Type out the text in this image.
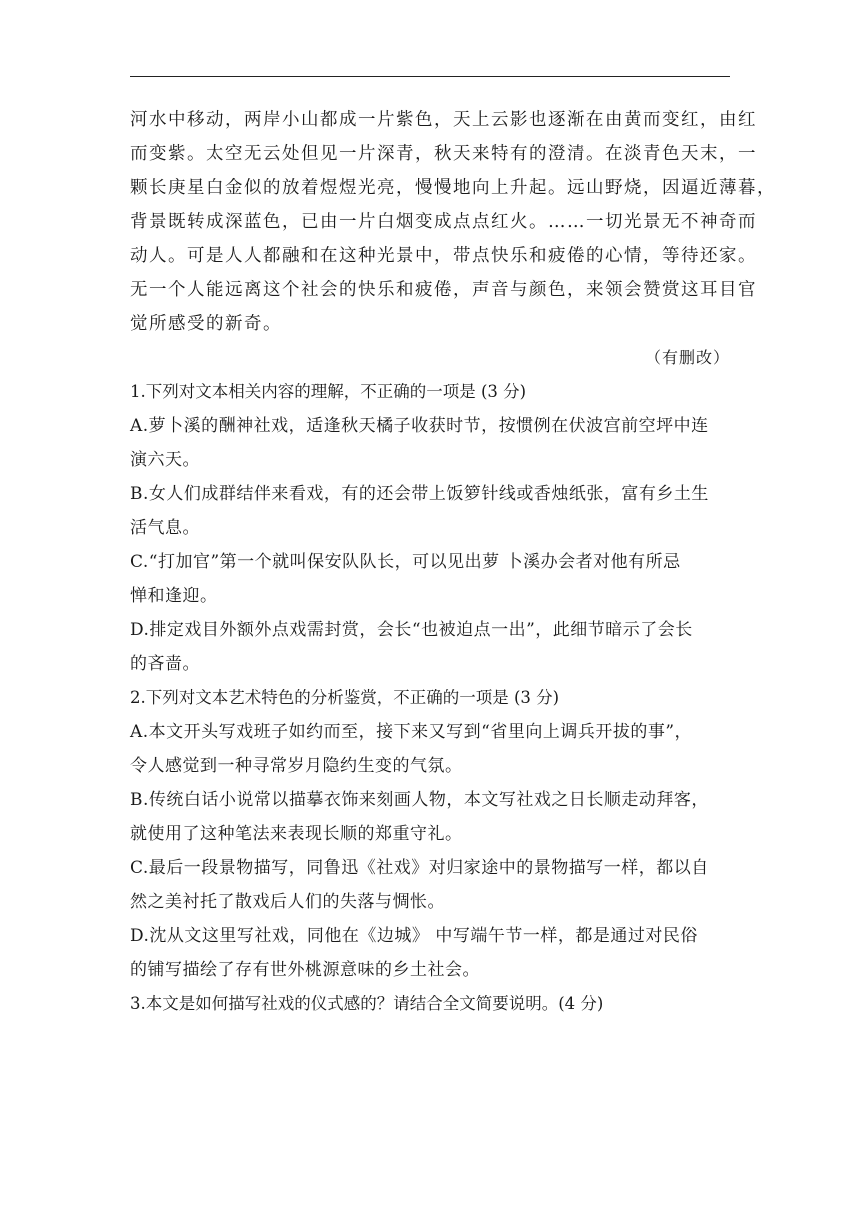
河水中移动，两岸小山都成一片紫色，天上云影也逐渐在由黄而变红，由红
而变紫。太空无云处但见一片深青，秋天来特有的澄清。在淡青色天末，一
颗长庚星白金似的放着煜煜光亮，慢慢地向上升起。远山野烧，因逼近薄暮，
背景既转成深蓝色，已由一片白烟变成点点红火。……一切光景无不神奇而
动人。可是人人都融和在这种光景中，带点快乐和疲倦的心情，等待还家。
无一个人能远离这个社会的快乐和疲倦，声音与颜色，来领会赞赏这耳目官
觉所感受的新奇。

（有删改）

1.下列对文本相关内容的理解，不正确的一项是 (3 分)

A.萝卜溪的酬神社戏，适逢秋天橘子收获时节，按惯例在伏波宫前空坪中连
演六天。
B.女人们成群结伴来看戏，有的还会带上饭箩针线或香烛纸张，富有乡土生
活气息。
C.“打加官”第一个就叫保安队队长，可以见出萝 卜溪办会者对他有所忌
惮和逢迎。
D.排定戏目外额外点戏需封赏，会长“也被迫点一出”，此细节暗示了会长
的吝啬。

2.下列对文本艺术特色的分析鉴赏，不正确的一项是 (3 分)

A.本文开头写戏班子如约而至，接下来又写到“省里向上调兵开拔的事”，
令人感觉到一种寻常岁月隐约生变的气氛。
B.传统白话小说常以描摹衣饰来刻画人物，本文写社戏之日长顺走动拜客，
就使用了这种笔法来表现长顺的郑重守礼。
C.最后一段景物描写，同鲁迅《社戏》对归家途中的景物描写一样，都以自
然之美衬托了散戏后人们的失落与惆怅。
D.沈从文这里写社戏，同他在《边城》 中写端午节一样，都是通过对民俗
的铺写描绘了存有世外桃源意味的乡土社会。

3.本文是如何描写社戏的仪式感的？请结合全文简要说明。(4 分)
